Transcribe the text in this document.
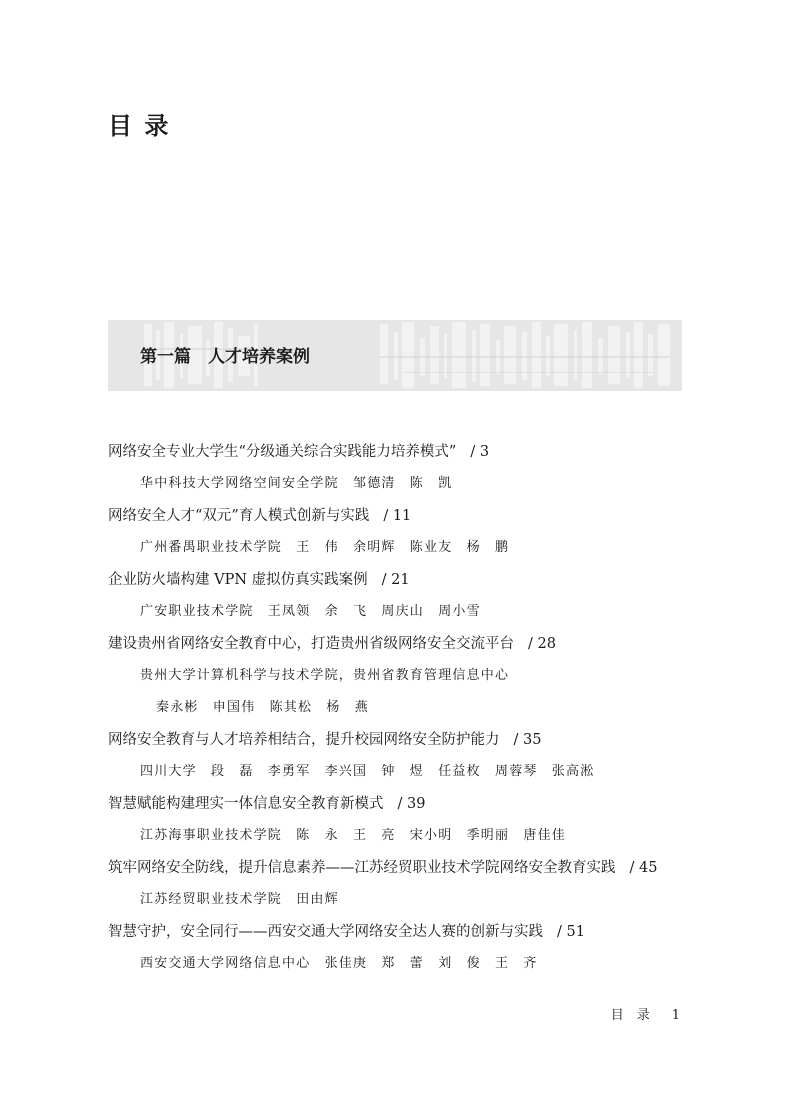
目 录
第一篇　人才培养案例
网络安全专业大学生“分级通关综合实践能力培养模式” / 3
华中科技大学网络空间安全学院　邹德清　陈　凯
网络安全人才“双元”育人模式创新与实践 / 11
广州番禺职业技术学院　王　伟　余明辉　陈业友　杨　鹏
企业防火墙构建 VPN 虚拟仿真实践案例 / 21
广安职业技术学院　王凤领　余　飞　周庆山　周小雪
建设贵州省网络安全教育中心，打造贵州省级网络安全交流平台 / 28
贵州大学计算机科学与技术学院，贵州省教育管理信息中心
秦永彬　申国伟　陈其松　杨　燕
网络安全教育与人才培养相结合，提升校园网络安全防护能力 / 35
四川大学　段　磊　李勇军　李兴国　钟　煜　任益枚　周蓉琴　张高淞
智慧赋能构建理实一体信息安全教育新模式 / 39
江苏海事职业技术学院　陈　永　王　亮　宋小明　季明丽　唐佳佳
筑牢网络安全防线，提升信息素养——江苏经贸职业技术学院网络安全教育实践 / 45
江苏经贸职业技术学院　田由辉
智慧守护，安全同行——西安交通大学网络安全达人赛的创新与实践 / 51
西安交通大学网络信息中心　张佳庚　郑　蕾　刘　俊　王　齐
目　录 1
